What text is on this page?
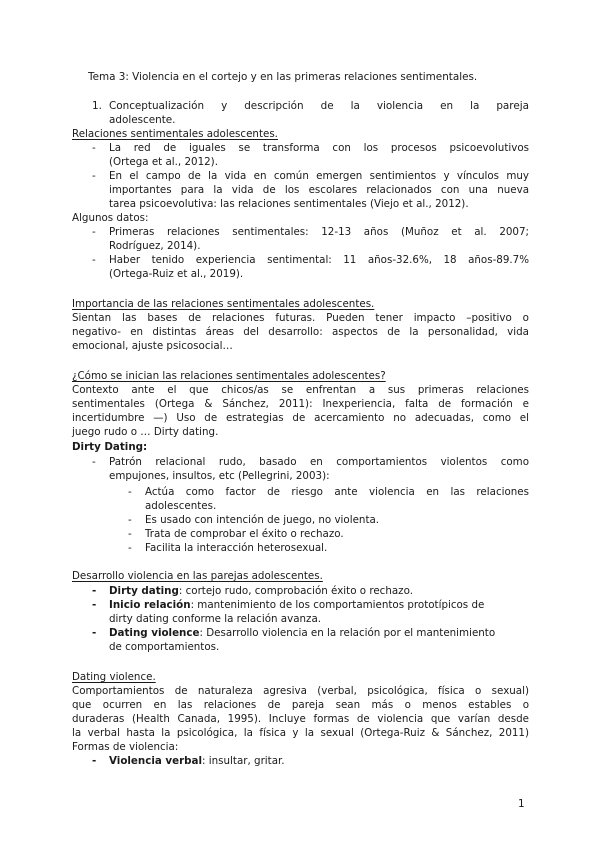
Tema 3: Violencia en el cortejo y en las primeras relaciones sentimentales.
1. Conceptualización y descripción de la violencia en la pareja
adolescente.
Relaciones sentimentales adolescentes.
- La red de iguales se transforma con los procesos psicoevolutivos
(Ortega et al., 2012).
- En el campo de la vida en común emergen sentimientos y vínculos muy
importantes para la vida de los escolares relacionados con una nueva
tarea psicoevolutiva: las relaciones sentimentales (Viejo et al., 2012).
Algunos datos:
- Primeras relaciones sentimentales: 12-13 años (Muñoz et al. 2007;
Rodríguez, 2014).
- Haber tenido experiencia sentimental: 11 años-32.6%, 18 años-89.7%
(Ortega-Ruiz et al., 2019).
Importancia de las relaciones sentimentales adolescentes.
Sientan las bases de relaciones futuras. Pueden tener impacto –positivo o
negativo- en distintas áreas del desarrollo: aspectos de la personalidad, vida
emocional, ajuste psicosocial…
¿Cómo se inician las relaciones sentimentales adolescentes?
Contexto ante el que chicos/as se enfrentan a sus primeras relaciones
sentimentales (Ortega & Sánchez, 2011): Inexperiencia, falta de formación e
incertidumbre —) Uso de estrategias de acercamiento no adecuadas, como el
juego rudo o … Dirty dating.
Dirty Dating:
- Patrón relacional rudo, basado en comportamientos violentos como
empujones, insultos, etc (Pellegrini, 2003):
- Actúa como factor de riesgo ante violencia en las relaciones
adolescentes.
- Es usado con intención de juego, no violenta.
- Trata de comprobar el éxito o rechazo.
- Facilita la interacción heterosexual.
Desarrollo violencia en las parejas adolescentes.
- Dirty dating: cortejo rudo, comprobación éxito o rechazo.
- Inicio relación: mantenimiento de los comportamientos prototípicos de
dirty dating conforme la relación avanza.
- Dating violence: Desarrollo violencia en la relación por el mantenimiento
de comportamientos.
Dating violence.
Comportamientos de naturaleza agresiva (verbal, psicológica, física o sexual)
que ocurren en las relaciones de pareja sean más o menos estables o
duraderas (Health Canada, 1995). Incluye formas de violencia que varían desde
la verbal hasta la psicológica, la física y la sexual (Ortega-Ruiz & Sánchez, 2011)
Formas de violencia:
- Violencia verbal: insultar, gritar.
1
